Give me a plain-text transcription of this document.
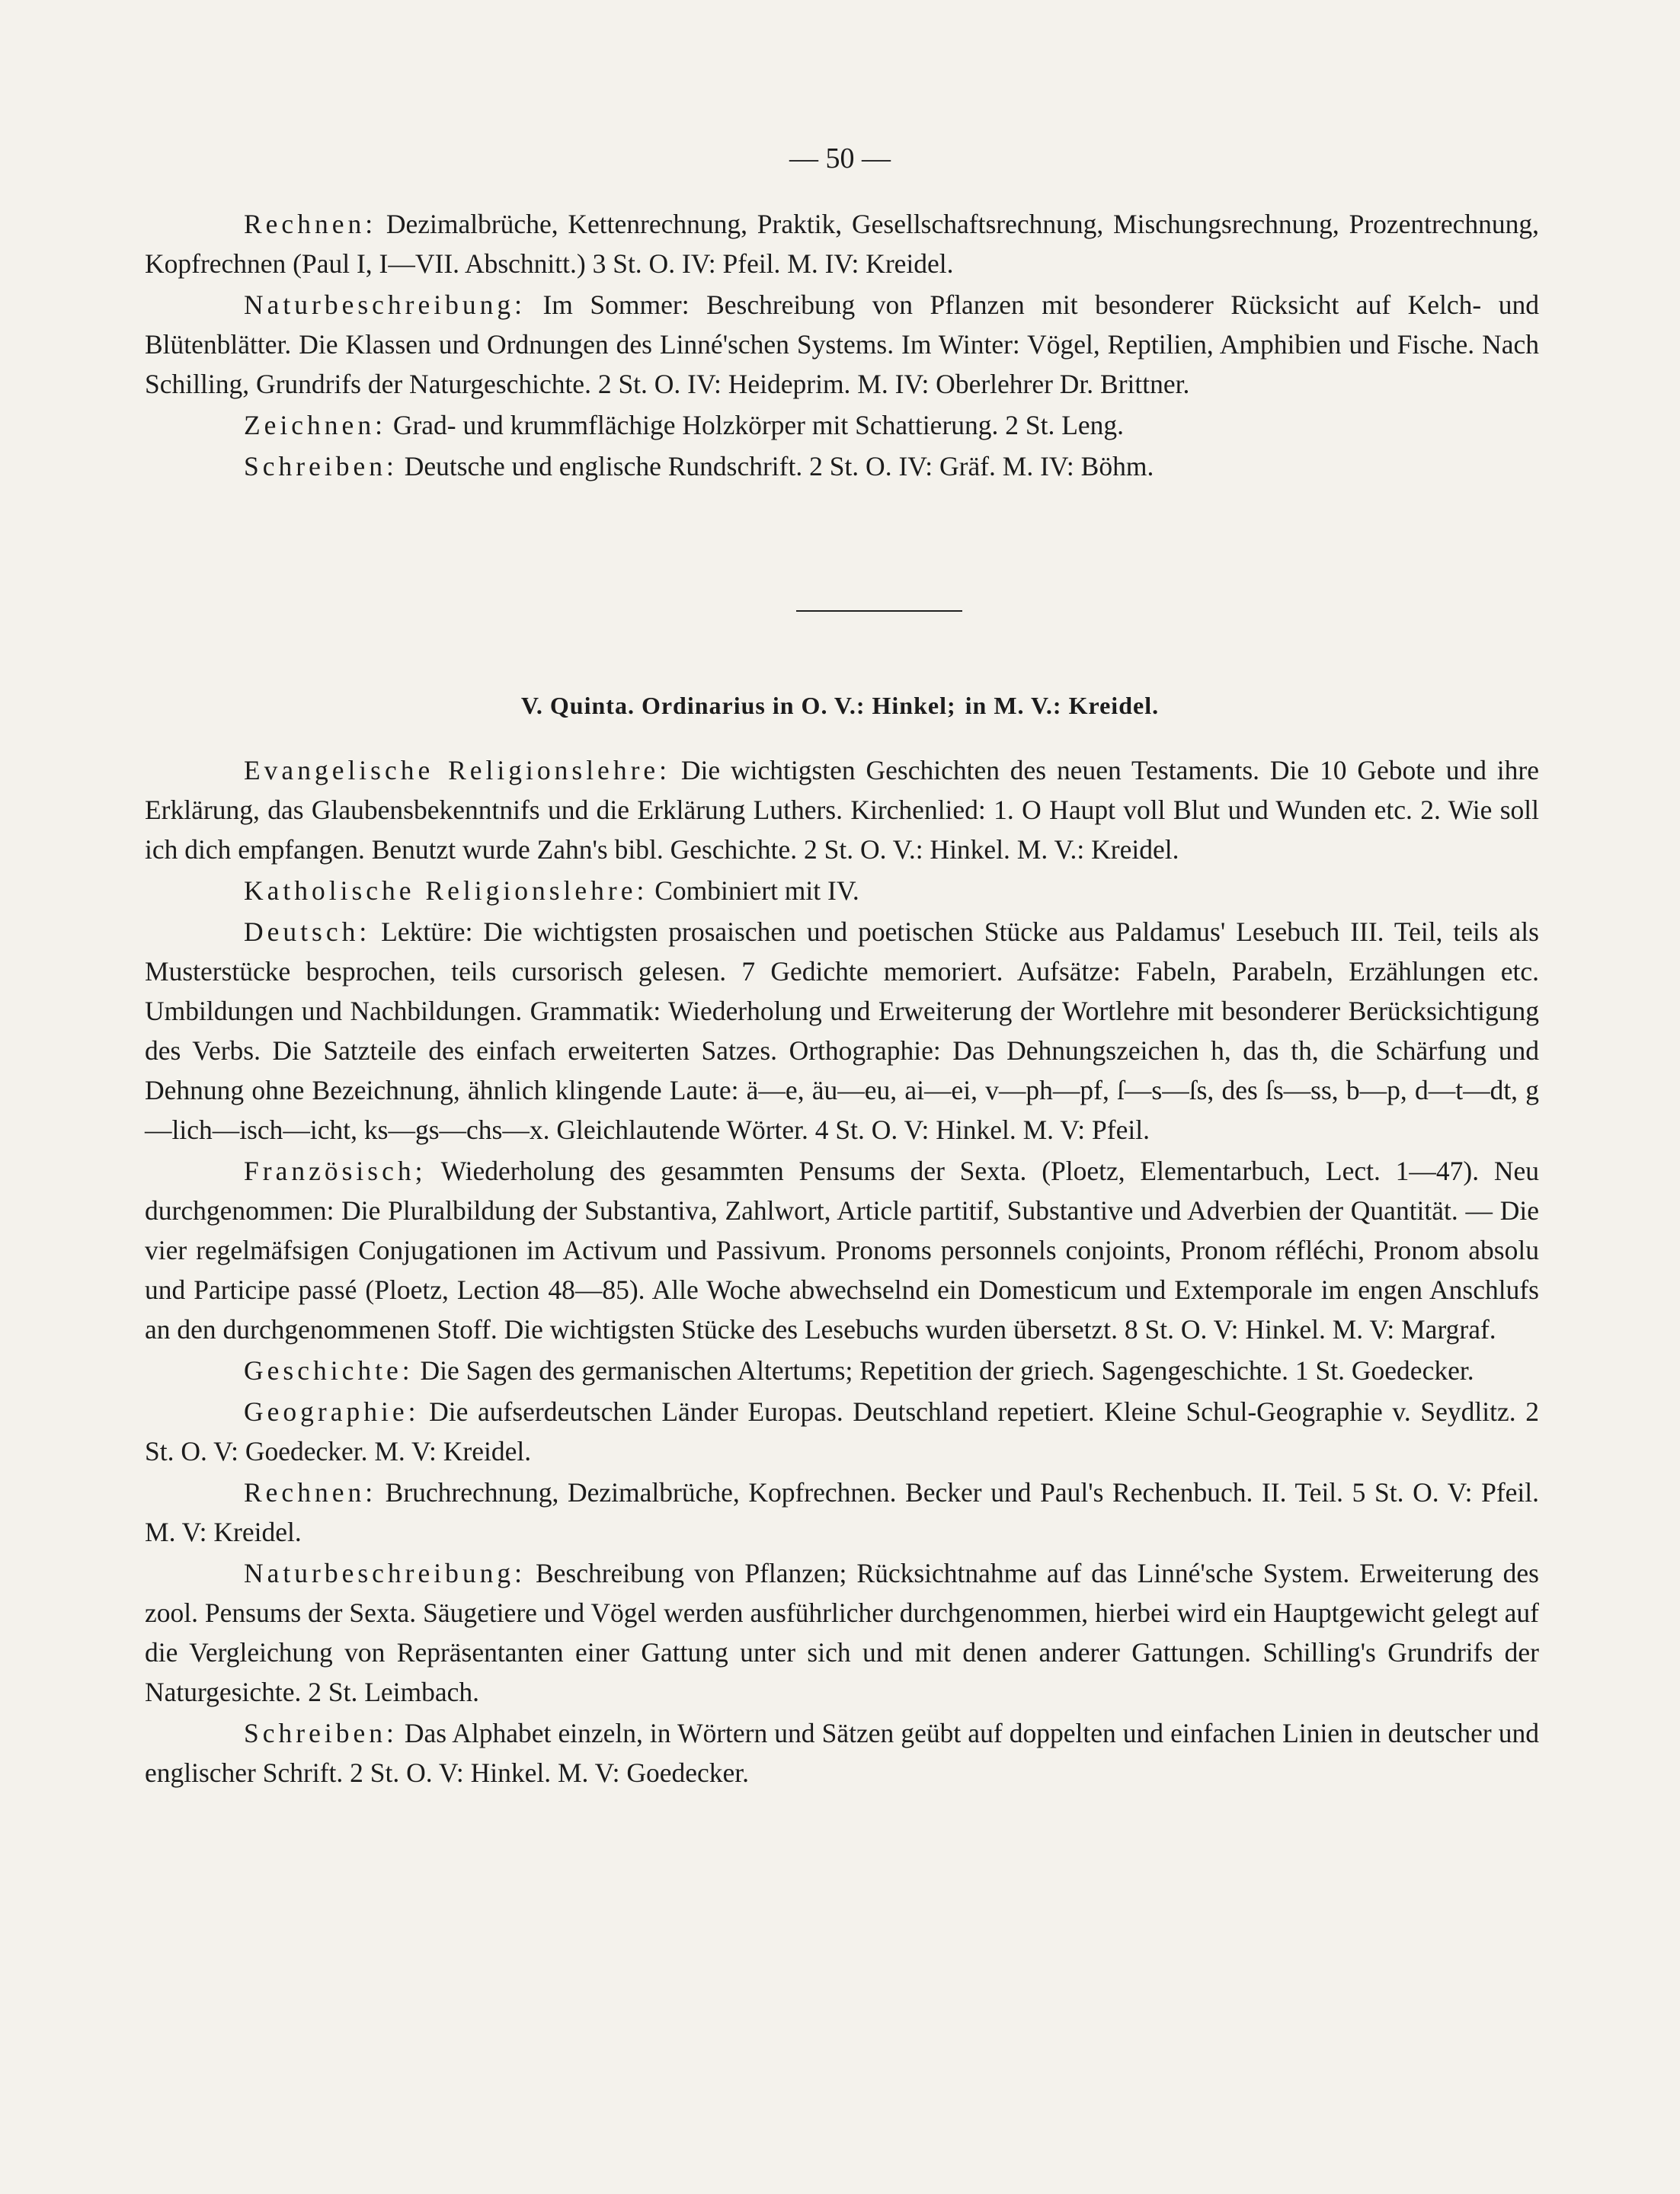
— 50 —

Rechnen: Dezimalbrüche, Kettenrechnung, Praktik, Gesellschaftsrechnung, Mischungsrechnung, Prozentrechnung, Kopfrechnen (Paul I, I—VII. Abschnitt.) 3 St. O. IV: Pfeil. M. IV: Kreidel.

Naturbeschreibung: Im Sommer: Beschreibung von Pflanzen mit besonderer Rücksicht auf Kelch- und Blütenblätter. Die Klassen und Ordnungen des Linné'schen Systems. Im Winter: Vögel, Reptilien, Amphibien und Fische. Nach Schilling, Grundrifs der Naturgeschichte. 2 St. O. IV: Heideprim. M. IV: Oberlehrer Dr. Brittner.

Zeichnen: Grad- und krummflächige Holzkörper mit Schattierung. 2 St. Leng.

Schreiben: Deutsche und englische Rundschrift. 2 St. O. IV: Gräf. M. IV: Böhm.

V. Quinta. Ordinarius in O. V.: Hinkel; in M. V.: Kreidel.

Evangelische Religionslehre: Die wichtigsten Geschichten des neuen Testaments. Die 10 Gebote und ihre Erklärung, das Glaubensbekenntnifs und die Erklärung Luthers. Kirchenlied: 1. O Haupt voll Blut und Wunden etc. 2. Wie soll ich dich empfangen. Benutzt wurde Zahn's bibl. Geschichte. 2 St. O. V.: Hinkel. M. V.: Kreidel.

Katholische Religionslehre: Combiniert mit IV.

Deutsch: Lektüre: Die wichtigsten prosaischen und poetischen Stücke aus Paldamus' Lesebuch III. Teil, teils als Musterstücke besprochen, teils cursorisch gelesen. 7 Gedichte memoriert. Aufsätze: Fabeln, Parabeln, Erzählungen etc. Umbildungen und Nachbildungen. Grammatik: Wiederholung und Erweiterung der Wortlehre mit besonderer Berücksichtigung des Verbs. Die Satzteile des einfach erweiterten Satzes. Orthographie: Das Dehnungszeichen h, das th, die Schärfung und Dehnung ohne Bezeichnung, ähnlich klingende Laute: ä—e, äu—eu, ai—ei, v—ph—pf, ſ—s—ſs, des ſs—ss, b—p, d—t—dt, g—lich—isch—icht, ks—gs—chs—x. Gleichlautende Wörter. 4 St. O. V: Hinkel. M. V: Pfeil.

Französisch; Wiederholung des gesammten Pensums der Sexta. (Ploetz, Elementarbuch, Lect. 1—47). Neu durchgenommen: Die Pluralbildung der Substantiva, Zahlwort, Article partitif, Substantive und Adverbien der Quantität. — Die vier regelmäfsigen Conjugationen im Activum und Passivum. Pronoms personnels conjoints, Pronom réfléchi, Pronom absolu und Participe passé (Ploetz, Lection 48—85). Alle Woche abwechselnd ein Domesticum und Extemporale im engen Anschlufs an den durchgenommenen Stoff. Die wichtigsten Stücke des Lesebuchs wurden übersetzt. 8 St. O. V: Hinkel. M. V: Margraf.

Geschichte: Die Sagen des germanischen Altertums; Repetition der griech. Sagengeschichte. 1 St. Goedecker.

Geographie: Die aufserdeutschen Länder Europas. Deutschland repetiert. Kleine Schul-Geographie v. Seydlitz. 2 St. O. V: Goedecker. M. V: Kreidel.

Rechnen: Bruchrechnung, Dezimalbrüche, Kopfrechnen. Becker und Paul's Rechenbuch. II. Teil. 5 St. O. V: Pfeil. M. V: Kreidel.

Naturbeschreibung: Beschreibung von Pflanzen; Rücksichtnahme auf das Linné'sche System. Erweiterung des zool. Pensums der Sexta. Säugetiere und Vögel werden ausführlicher durchgenommen, hierbei wird ein Hauptgewicht gelegt auf die Vergleichung von Repräsentanten einer Gattung unter sich und mit denen anderer Gattungen. Schilling's Grundrifs der Naturgesichte. 2 St. Leimbach.

Schreiben: Das Alphabet einzeln, in Wörtern und Sätzen geübt auf doppelten und einfachen Linien in deutscher und englischer Schrift. 2 St. O. V: Hinkel. M. V: Goedecker.
